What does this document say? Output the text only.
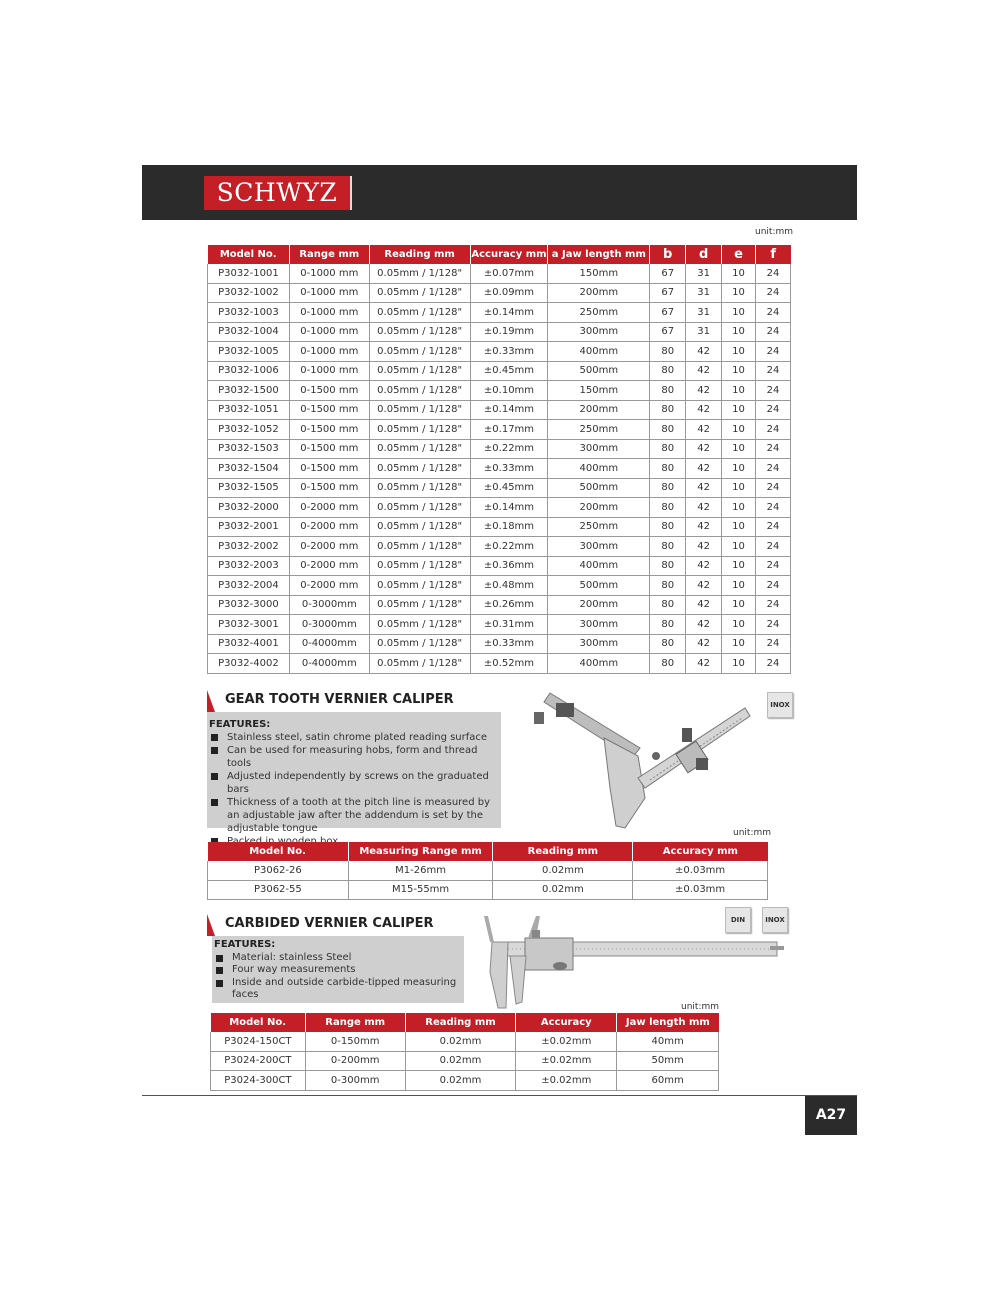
SCHWYZ
unit:mm
Model No.	Range mm	Reading mm	Accuracy mm	a Jaw length mm	b	d	e	f
P3032-1001	0-1000 mm	0.05mm / 1/128"	±0.07mm	150mm	67	31	10	24
P3032-1002	0-1000 mm	0.05mm / 1/128"	±0.09mm	200mm	67	31	10	24
P3032-1003	0-1000 mm	0.05mm / 1/128"	±0.14mm	250mm	67	31	10	24
P3032-1004	0-1000 mm	0.05mm / 1/128"	±0.19mm	300mm	67	31	10	24
P3032-1005	0-1000 mm	0.05mm / 1/128"	±0.33mm	400mm	80	42	10	24
P3032-1006	0-1000 mm	0.05mm / 1/128"	±0.45mm	500mm	80	42	10	24
P3032-1500	0-1500 mm	0.05mm / 1/128"	±0.10mm	150mm	80	42	10	24
P3032-1051	0-1500 mm	0.05mm / 1/128"	±0.14mm	200mm	80	42	10	24
P3032-1052	0-1500 mm	0.05mm / 1/128"	±0.17mm	250mm	80	42	10	24
P3032-1503	0-1500 mm	0.05mm / 1/128"	±0.22mm	300mm	80	42	10	24
P3032-1504	0-1500 mm	0.05mm / 1/128"	±0.33mm	400mm	80	42	10	24
P3032-1505	0-1500 mm	0.05mm / 1/128"	±0.45mm	500mm	80	42	10	24
P3032-2000	0-2000 mm	0.05mm / 1/128"	±0.14mm	200mm	80	42	10	24
P3032-2001	0-2000 mm	0.05mm / 1/128"	±0.18mm	250mm	80	42	10	24
P3032-2002	0-2000 mm	0.05mm / 1/128"	±0.22mm	300mm	80	42	10	24
P3032-2003	0-2000 mm	0.05mm / 1/128"	±0.36mm	400mm	80	42	10	24
P3032-2004	0-2000 mm	0.05mm / 1/128"	±0.48mm	500mm	80	42	10	24
P3032-3000	0-3000mm	0.05mm / 1/128"	±0.26mm	200mm	80	42	10	24
P3032-3001	0-3000mm	0.05mm / 1/128"	±0.31mm	300mm	80	42	10	24
P3032-4001	0-4000mm	0.05mm / 1/128"	±0.33mm	300mm	80	42	10	24
P3032-4002	0-4000mm	0.05mm / 1/128"	±0.52mm	400mm	80	42	10	24
GEAR TOOTH VERNIER CALIPER
FEATURES:
Stainless steel, satin chrome plated reading surface
Can be used for measuring hobs, form and thread tools
Adjusted independently by screws on the graduated bars
Thickness of a tooth at the pitch line is measured by an adjustable jaw after the addendum is set by the adjustable tongue
INOX
unit:mm
Model No.	Measuring Range mm	Reading mm	Accuracy mm
P3062-26	M1-26mm	0.02mm	±0.03mm
P3062-55	M15-55mm	0.02mm	±0.03mm
CARBIDED VERNIER CALIPER
FEATURES:
Material: stainless Steel
Four way measurements
Inside and outside carbide-tipped measuring faces
DIN	INOX
unit:mm
Model No.	Range mm	Reading mm	Accuracy	Jaw length mm
P3024-150CT	0-150mm	0.02mm	±0.02mm	40mm
P3024-200CT	0-200mm	0.02mm	±0.02mm	50mm
P3024-300CT	0-300mm	0.02mm	±0.02mm	60mm
A27
